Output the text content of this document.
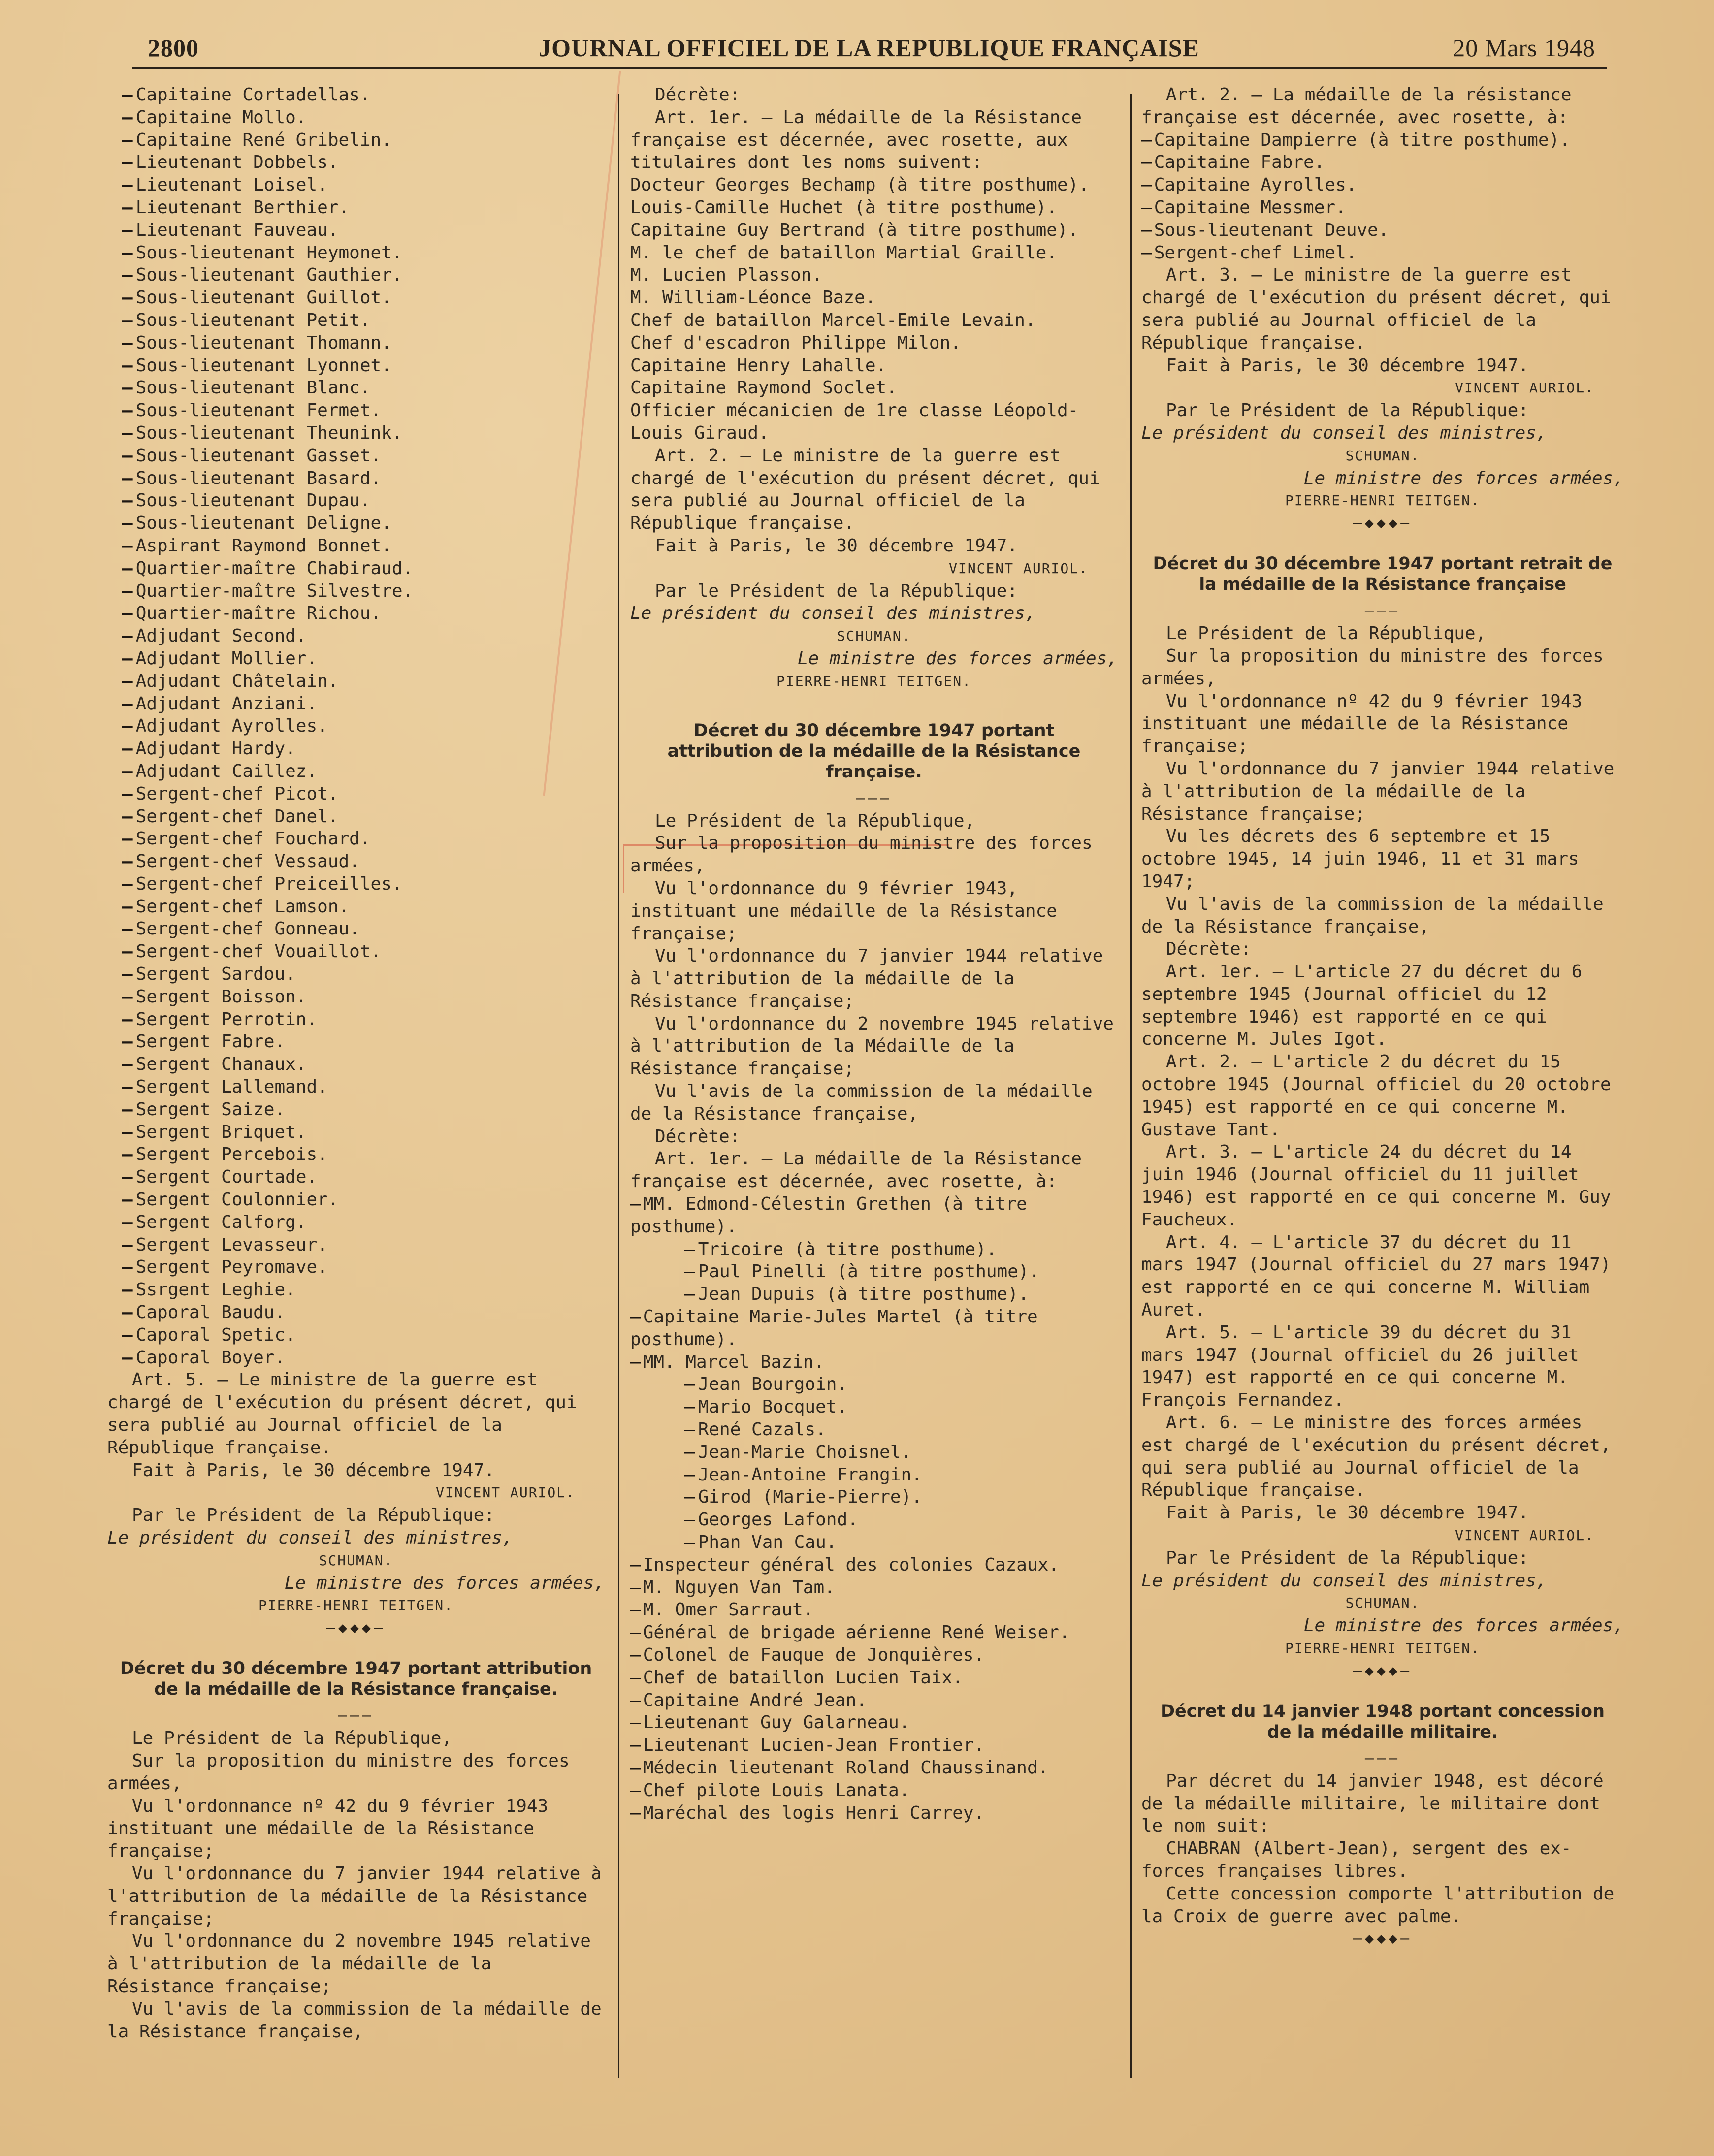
2800	JOURNAL OFFICIEL DE LA REPUBLIQUE FRANÇAISE	20 Mars 1948
— Capitaine Cortadellas.
— Capitaine Mollo.
— Capitaine René Gribelin.
— Lieutenant Dobbels.
— Lieutenant Loisel.
— Lieutenant Berthier.
— Lieutenant Fauveau.
— Sous-lieutenant Heymonet.
— Sous-lieutenant Gauthier.
— Sous-lieutenant Guillot.
— Sous-lieutenant Petit.
— Sous-lieutenant Thomann.
— Sous-lieutenant Lyonnet.
— Sous-lieutenant Blanc.
— Sous-lieutenant Fermet.
— Sous-lieutenant Theunink.
— Sous-lieutenant Gasset.
— Sous-lieutenant Basard.
— Sous-lieutenant Dupau.
— Sous-lieutenant Deligne.
— Aspirant Raymond Bonnet.
— Quartier-maître Chabiraud.
— Quartier-maître Silvestre.
— Quartier-maître Richou.
— Adjudant Second.
— Adjudant Mollier.
— Adjudant Châtelain.
— Adjudant Anziani.
— Adjudant Ayrolles.
— Adjudant Hardy.
— Adjudant Caillez.
— Sergent-chef Picot.
— Sergent-chef Danel.
— Sergent-chef Fouchard.
— Sergent-chef Vessaud.
— Sergent-chef Preiceilles.
— Sergent-chef Lamson.
— Sergent-chef Gonneau.
— Sergent-chef Vouaillot.
— Sergent Sardou.
— Sergent Boisson.
— Sergent Perrotin.
— Sergent Fabre.
— Sergent Chanaux.
— Sergent Lallemand.
— Sergent Saize.
— Sergent Briquet.
— Sergent Percebois.
— Sergent Courtade.
— Sergent Coulonnier.
— Sergent Calforg.
— Sergent Levasseur.
— Sergent Peyromave.
— Ssrgent Leghie.
— Caporal Baudu.
— Caporal Spetic.
— Caporal Boyer.

Art. 5. — Le ministre de la guerre est chargé de l'exécution du présent décret, qui sera publié au Journal officiel de la République française.

Fait à Paris, le 30 décembre 1947.

VINCENT AURIOL.

Par le Président de la République:

Le président du conseil des ministres,

SCHUMAN.

Le ministre des forces armées,

PIERRE-HENRI TEITGEN.

—◆◆◆—
Décret du 30 décembre 1947 portant attribution de la médaille de la Résistance française.
———

Le Président de la République,

Sur la proposition du ministre des forces armées,

Vu l'ordonnance nº 42 du 9 février 1943 instituant une médaille de la Résistance française;

Vu l'ordonnance du 7 janvier 1944 relative à l'attribution de la médaille de la Résistance française;

Vu l'ordonnance du 2 novembre 1945 relative à l'attribution de la médaille de la Résistance française;

Vu l'avis de la commission de la médaille de la Résistance française,

Décrète:

Art. 1er. — La médaille de la Résistance française est décernée, avec rosette, aux titulaires dont les noms suivent:

Docteur Georges Bechamp (à titre posthume).
Louis-Camille Huchet (à titre posthume).
Capitaine Guy Bertrand (à titre posthume).
M. le chef de bataillon Martial Graille.
M. Lucien Plasson.
M. William-Léonce Baze.
Chef de bataillon Marcel-Emile Levain.
Chef d'escadron Philippe Milon.
Capitaine Henry Lahalle.
Capitaine Raymond Soclet.
Officier mécanicien de 1re classe Léopold-Louis Giraud.

Art. 2. — Le ministre de la guerre est chargé de l'exécution du présent décret, qui sera publié au Journal officiel de la République française.

Fait à Paris, le 30 décembre 1947.

VINCENT AURIOL.

Par le Président de la République:

Le président du conseil des ministres,

SCHUMAN.

Le ministre des forces armées,

PIERRE-HENRI TEITGEN.

Décret du 30 décembre 1947 portant attribution de la médaille de la Résistance française.
———

Le Président de la République,

Sur la proposition du ministre des forces armées,

Vu l'ordonnance du 9 février 1943, instituant une médaille de la Résistance française;

Vu l'ordonnance du 7 janvier 1944 relative à l'attribution de la médaille de la Résistance française;

Vu l'ordonnance du 2 novembre 1945 relative à l'attribution de la Médaille de la Résistance française;

Vu l'avis de la commission de la médaille de la Résistance française,

Décrète:

Art. 1er. — La médaille de la Résistance française est décernée, avec rosette, à:

— MM. Edmond-Célestin Grethen (à titre posthume).
— Tricoire (à titre posthume).
— Paul Pinelli (à titre posthume).
— Jean Dupuis (à titre posthume).
— Capitaine Marie-Jules Martel (à titre posthume).
— MM. Marcel Bazin.
— Jean Bourgoin.
— Mario Bocquet.
— René Cazals.
— Jean-Marie Choisnel.
— Jean-Antoine Frangin.
— Girod (Marie-Pierre).
— Georges Lafond.
— Phan Van Cau.
— Inspecteur général des colonies Cazaux.
— M. Nguyen Van Tam.
— M. Omer Sarraut.
— Général de brigade aérienne René Weiser.
— Colonel de Fauque de Jonquières.
— Chef de bataillon Lucien Taix.
— Capitaine André Jean.
— Lieutenant Guy Galarneau.
— Lieutenant Lucien-Jean Frontier.
— Médecin lieutenant Roland Chaussinand.
— Chef pilote Louis Lanata.
— Maréchal des logis Henri Carrey.

Art. 2. — La médaille de la résistance française est décernée, avec rosette, à:

— Capitaine Dampierre (à titre posthume).
— Capitaine Fabre.
— Capitaine Ayrolles.
— Capitaine Messmer.
— Sous-lieutenant Deuve.
— Sergent-chef Limel.

Art. 3. — Le ministre de la guerre est chargé de l'exécution du présent décret, qui sera publié au Journal officiel de la République française.

Fait à Paris, le 30 décembre 1947.

VINCENT AURIOL.

Par le Président de la République:

Le président du conseil des ministres,

SCHUMAN.

Le ministre des forces armées,

PIERRE-HENRI TEITGEN.

—◆◆◆—
Décret du 30 décembre 1947 portant retrait de la médaille de la Résistance française
———

Le Président de la République,

Sur la proposition du ministre des forces armées,

Vu l'ordonnance nº 42 du 9 février 1943 instituant une médaille de la Résistance française;

Vu l'ordonnance du 7 janvier 1944 relative à l'attribution de la médaille de la Résistance française;

Vu les décrets des 6 septembre et 15 octobre 1945, 14 juin 1946, 11 et 31 mars 1947;

Vu l'avis de la commission de la médaille de la Résistance française,

Décrète:

Art. 1er. — L'article 27 du décret du 6 septembre 1945 (Journal officiel du 12 septembre 1946) est rapporté en ce qui concerne M. Jules Igot.

Art. 2. — L'article 2 du décret du 15 octobre 1945 (Journal officiel du 20 octobre 1945) est rapporté en ce qui concerne M. Gustave Tant.

Art. 3. — L'article 24 du décret du 14 juin 1946 (Journal officiel du 11 juillet 1946) est rapporté en ce qui concerne M. Guy Faucheux.

Art. 4. — L'article 37 du décret du 11 mars 1947 (Journal officiel du 27 mars 1947) est rapporté en ce qui concerne M. William Auret.

Art. 5. — L'article 39 du décret du 31 mars 1947 (Journal officiel du 26 juillet 1947) est rapporté en ce qui concerne M. François Fernandez.

Art. 6. — Le ministre des forces armées est chargé de l'exécution du présent décret, qui sera publié au Journal officiel de la République française.

Fait à Paris, le 30 décembre 1947.

VINCENT AURIOL.

Par le Président de la République:

Le président du conseil des ministres,

SCHUMAN.

Le ministre des forces armées,

PIERRE-HENRI TEITGEN.

—◆◆◆—
Décret du 14 janvier 1948 portant concession de la médaille militaire.
———

Par décret du 14 janvier 1948, est décoré de la médaille militaire, le militaire dont le nom suit:

CHABRAN (Albert-Jean), sergent des ex-forces françaises libres.

Cette concession comporte l'attribution de la Croix de guerre avec palme.

—◆◆◆—
